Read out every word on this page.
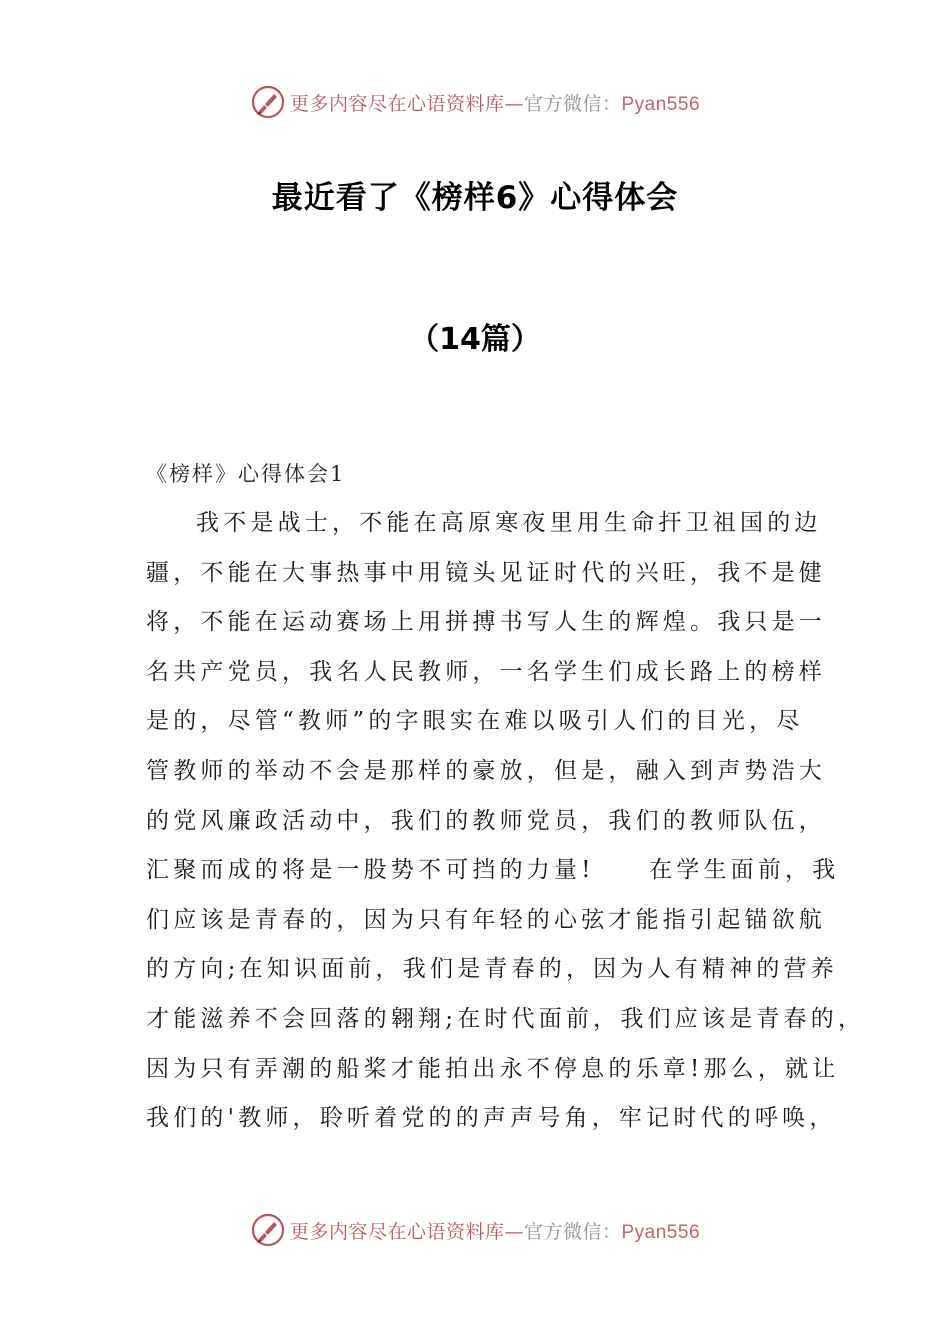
更多内容尽在心语资料库—官方微信：Pyan556
最近看了《榜样6》心得体会
（14篇）
《榜样》心得体会1
我不是战士，不能在高原寒夜里用生命扞卫祖国的边
疆，不能在大事热事中用镜头见证时代的兴旺，我不是健
将，不能在运动赛场上用拼搏书写人生的辉煌。我只是一
名共产党员，我名人民教师，一名学生们成长路上的榜样
是的，尽管“教师”的字眼实在难以吸引人们的目光，尽
管教师的举动不会是那样的豪放，但是，融入到声势浩大
的党风廉政活动中，我们的教师党员，我们的教师队伍，
汇聚而成的将是一股势不可挡的力量!　　在学生面前，我
们应该是青春的，因为只有年轻的心弦才能指引起锚欲航
的方向;在知识面前，我们是青春的，因为人有精神的营养
才能滋养不会回落的翱翔;在时代面前，我们应该是青春的，
因为只有弄潮的船桨才能拍出永不停息的乐章!那么，就让
我们的'教师，聆听着党的的声声号角，牢记时代的呼唤，
更多内容尽在心语资料库—官方微信：Pyan556
